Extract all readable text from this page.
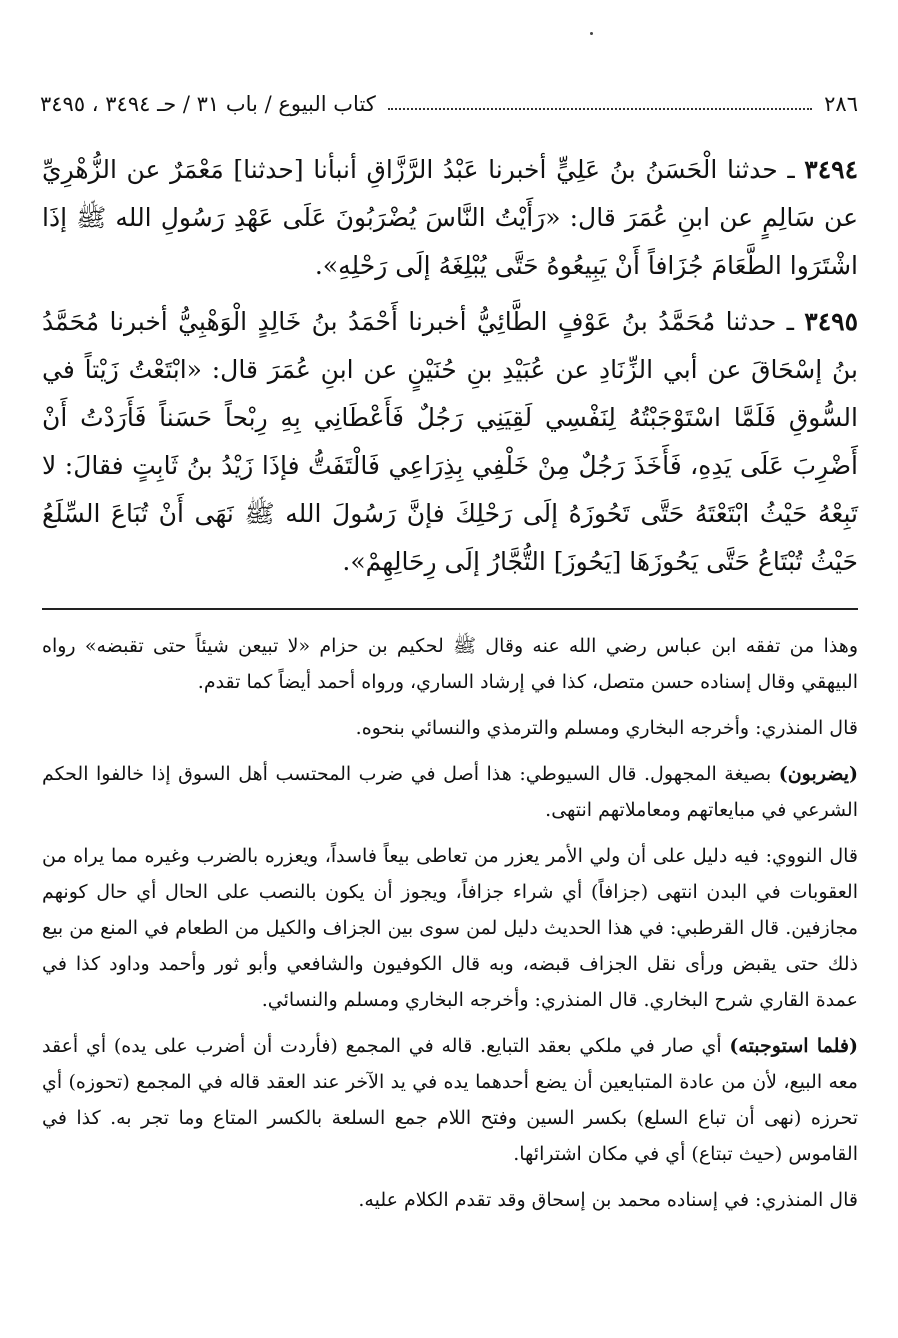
٢٨٦
كتاب البيوع / باب ٣١ / حـ ٣٤٩٤ ، ٣٤٩٥

٣٤٩٤ ـ حدثنا الْحَسَنُ بنُ عَلِيٍّ أخبرنا عَبْدُ الرَّزَّاقِ أنبأنا [حدثنا] مَعْمَرٌ عن الزُّهْرِيِّ عن سَالِمٍ عن ابنِ عُمَرَ قال: «رَأَيْتُ النَّاسَ يُضْرَبُونَ عَلَى عَهْدِ رَسُولِ الله ﷺ إذَا اشْتَرَوا الطَّعَامَ جُزَافاً أَنْ يَبِيعُوهُ حَتَّى يُبْلِغَهُ إلَى رَحْلِهِ».

٣٤٩٥ ـ حدثنا مُحَمَّدُ بنُ عَوْفٍ الطَّائِيُّ أخبرنا أَحْمَدُ بنُ خَالِدٍ الْوَهْبِيُّ أخبرنا مُحَمَّدُ بنُ إسْحَاقَ عن أبي الزِّنَادِ عن عُبَيْدِ بنِ حُنَيْنٍ عن ابنِ عُمَرَ قال: «ابْتَعْتُ زَيْتاً في السُّوقِ فَلَمَّا اسْتَوْجَبْتُهُ لِنَفْسِي لَقِيَنِي رَجُلٌ فَأَعْطَانِي بِهِ رِبْحاً حَسَناً فَأَرَدْتُ أَنْ أَضْرِبَ عَلَى يَدِهِ، فَأَخَذَ رَجُلٌ مِنْ خَلْفِي بِذِرَاعِي فَالْتَفَتُّ فإذَا زَيْدُ بنُ ثَابِتٍ فقالَ: لا تَبِعْهُ حَيْثُ ابْتَعْتَهُ حَتَّى تَحُوزَهُ إلَى رَحْلِكَ فإنَّ رَسُولَ الله ﷺ نَهَى أَنْ تُبَاعَ السِّلَعُ حَيْثُ تُبْتَاعُ حَتَّى يَحُوزَهَا [يَحُوزَ] التُّجَّارُ إلَى رِحَالِهِمْ».

وهذا من تفقه ابن عباس رضي الله عنه وقال ﷺ لحكيم بن حزام «لا تبيعن شيئاً حتى تقبضه» رواه البيهقي وقال إسناده حسن متصل، كذا في إرشاد الساري، ورواه أحمد أيضاً كما تقدم.

قال المنذري: وأخرجه البخاري ومسلم والترمذي والنسائي بنحوه.

(يضربون) بصيغة المجهول. قال السيوطي: هذا أصل في ضرب المحتسب أهل السوق إذا خالفوا الحكم الشرعي في مبايعاتهم ومعاملاتهم انتهى.

قال النووي: فيه دليل على أن ولي الأمر يعزر من تعاطى بيعاً فاسداً، ويعزره بالضرب وغيره مما يراه من العقوبات في البدن انتهى (جزافاً) أي شراء جزافاً، ويجوز أن يكون بالنصب على الحال أي حال كونهم مجازفين. قال القرطبي: في هذا الحديث دليل لمن سوى بين الجزاف والكيل من الطعام في المنع من بيع ذلك حتى يقبض ورأى نقل الجزاف قبضه، وبه قال الكوفيون والشافعي وأبو ثور وأحمد وداود كذا في عمدة القاري شرح البخاري. قال المنذري: وأخرجه البخاري ومسلم والنسائي.

(فلما استوجبته) أي صار في ملكي بعقد التبايع. قاله في المجمع (فأردت أن أضرب على يده) أي أعقد معه البيع، لأن من عادة المتبايعين أن يضع أحدهما يده في يد الآخر عند العقد قاله في المجمع (تحوزه) أي تحرزه (نهى أن تباع السلع) بكسر السين وفتح اللام جمع السلعة بالكسر المتاع وما تجر به. كذا في القاموس (حيث تبتاع) أي في مكان اشترائها.

قال المنذري: في إسناده محمد بن إسحاق وقد تقدم الكلام عليه.
